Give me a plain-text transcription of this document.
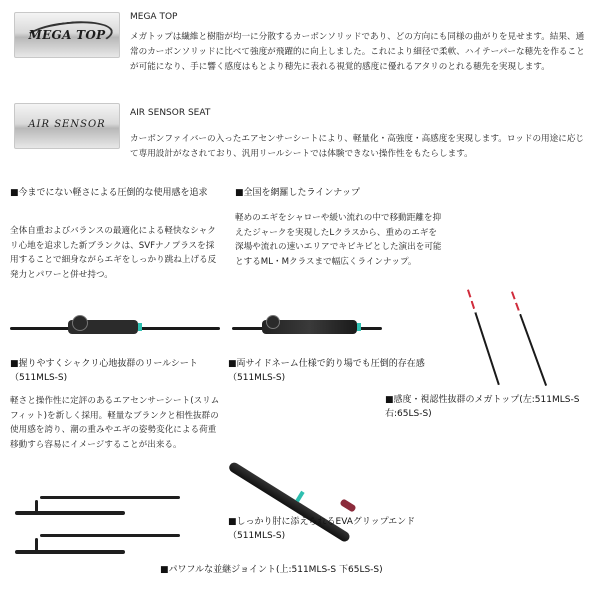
MEGA TOP
MEGA TOP
メガトップは繊維と樹脂が均一に分散するカーボンソリッドであり、どの方向にも同様の曲がりを見せます。結果、通常のカーボンソリッドに比べて強度が飛躍的に向上しました。これにより細径で柔軟、ハイテーパーな穂先を作ることが可能になり、手に響く感度はもとより穂先に表れる視覚的感度に優れるアタリのとれる穂先を実現します。
AIR SENSOR
AIR SENSOR SEAT
カーボンファイバーの入ったエアセンサーシートにより、軽量化・高強度・高感度を実現します。ロッドの用途に応じて専用設計がなされており、汎用リールシートでは体験できない操作性をもたらします。
■今までにない軽さによる圧倒的な使用感を追求
全体自重およびバランスの最適化による軽快なシャクリ心地を追求した新ブランクは、SVFナノプラスを採用することで細身ながらエギをしっかり跳ね上げる反発力とパワーと併せ持つ。
■全国を網羅したラインナップ
軽めのエギをシャローや緩い流れの中で移動距離を抑えたジャークを実現したLクラスから、重めのエギを深場や流れの速いエリアでキビキビとした演出を可能とするML・Mクラスまで幅広くラインナップ。
■握りやすくシャクリ心地抜群のリールシート（511MLS-S)
軽さと操作性に定評のあるエアセンサーシート(スリムフィット)を新しく採用。軽量なブランクと相性抜群の使用感を誇り、潮の重みやエギの姿勢変化による荷重移動すら容易にイメージすることが出来る。
■両サイドネーム仕様で釣り場でも圧倒的存在感（511MLS-S)
■感度・視認性抜群のメガトップ(左:511MLS-S 右:65LS-S)
■しっかり肘に添えられるEVAグリップエンド（511MLS-S)
■パワフルな並継ジョイント(上:511MLS-S 下65LS-S)
